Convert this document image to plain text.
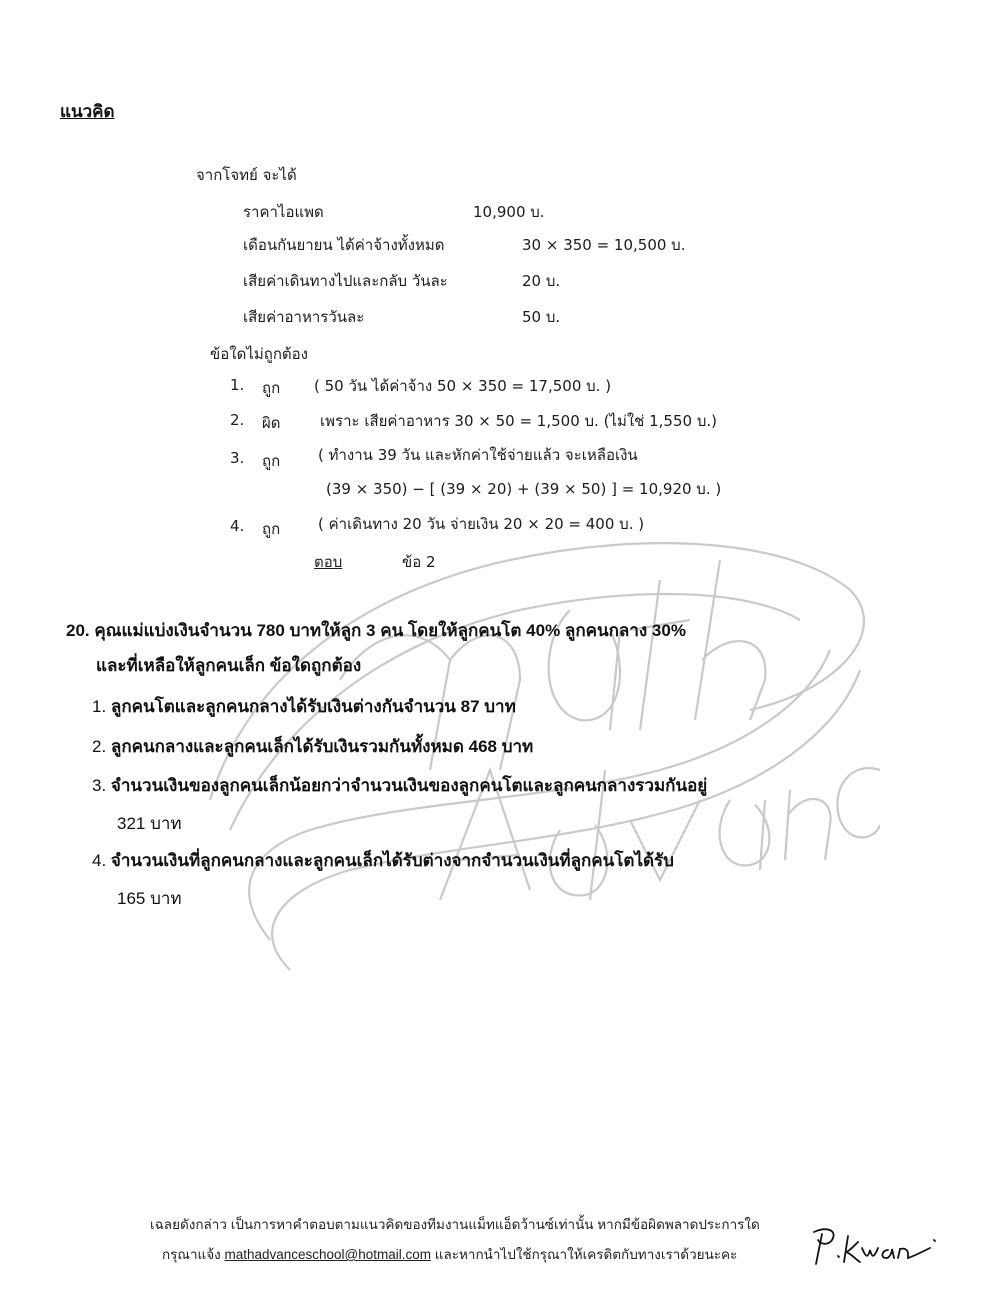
แนวคิด
จากโจทย์ จะได้
ราคาไอแพด	10,900 บ.
เดือนกันยายน ได้ค่าจ้างทั้งหมด	30 × 350 = 10,500 บ.
เสียค่าเดินทางไปและกลับ วันละ	20 บ.
เสียค่าอาหารวันละ	50 บ.
ข้อใดไม่ถูกต้อง
1. ถูก ( 50 วัน ได้ค่าจ้าง 50 × 350 = 17,500 บ. )
2. ผิด	เพราะ เสียค่าอาหาร 30 × 50 = 1,500 บ. (ไม่ใช่ 1,550 บ.)
3. ถูก	( ทำงาน 39 วัน และหักค่าใช้จ่ายแล้ว จะเหลือเงิน
(39 × 350) − [ (39 × 20) + (39 × 50) ] = 10,920 บ. )
4. ถูก	( ค่าเดินทาง 20 วัน จ่ายเงิน 20 × 20 = 400 บ. )
ตอบ	ข้อ 2
20. คุณแม่แบ่งเงินจำนวน 780 บาทให้ลูก 3 คน โดยให้ลูกคนโต 40% ลูกคนกลาง 30%
และที่เหลือให้ลูกคนเล็ก ข้อใดถูกต้อง
1. ลูกคนโตและลูกคนกลางได้รับเงินต่างกันจำนวน 87 บาท
2. ลูกคนกลางและลูกคนเล็กได้รับเงินรวมกันทั้งหมด 468 บาท
3. จำนวนเงินของลูกคนเล็กน้อยกว่าจำนวนเงินของลูกคนโตและลูกคนกลางรวมกันอยู่
321 บาท
4. จำนวนเงินที่ลูกคนกลางและลูกคนเล็กได้รับต่างจากจำนวนเงินที่ลูกคนโตได้รับ
165 บาท
เฉลยดังกล่าว เป็นการหาคำตอบตามแนวคิดของทีมงานแม็ทแอ็ดว้านซ์เท่านั้น หากมีข้อผิดพลาดประการใด
กรุณาแจ้ง mathadvanceschool@hotmail.com และหากนำไปใช้กรุณาให้เครดิตกับทางเราด้วยนะคะ
